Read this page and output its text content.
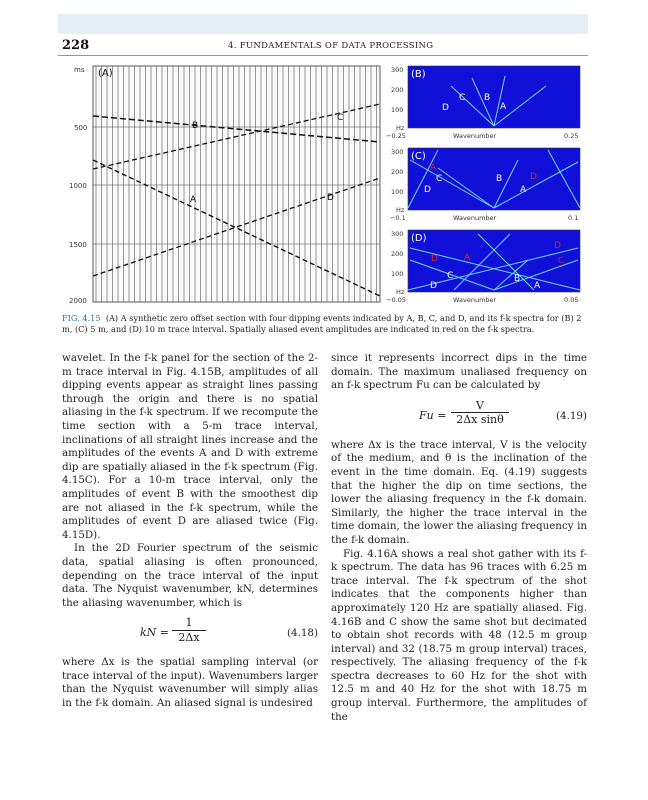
228	4. FUNDAMENTALS OF DATA PROCESSING
(A)
ms
500
1000
1500
2000
A
B
C
D
(B)
D
C B
A
300
200
100
Hz
−0.25	Wavenumber	0.25
(C)
A
C
D
B
A
D
300
200
100
Hz
−0.1	Wavenumber	0.1
(D)
D
D	A	C
C	B
D	A
300
200
100
Hz
−0.05	Wavenumber	0.05
FIG. 4.15 (A) A synthetic zero offset section with four dipping events indicated by A, B, C, and D, and its f-k spectra for (B) 2 m, (C) 5 m, and (D) 10 m trace interval. Spatially aliased event amplitudes are indicated in red on the f-k spectra.

wavelet. In the f-k panel for the section of the 2-m trace interval in Fig. 4.15B, amplitudes of all dipping events appear as straight lines passing through the origin and there is no spatial aliasing in the f-k spectrum. If we recompute the time section with a 5-m trace interval, inclinations of all straight lines increase and the amplitudes of the events A and D with extreme dip are spatially aliased in the f-k spectrum (Fig. 4.15C). For a 10-m trace interval, only the amplitudes of event B with the smoothest dip are not aliased in the f-k spectrum, while the amplitudes of event D are aliased twice (Fig. 4.15D).

In the 2D Fourier spectrum of the seismic data, spatial aliasing is often pronounced, depending on the trace interval of the input data. The Nyquist wavenumber, kN, determines the aliasing wavenumber, which is

kN = $\frac{1}{2\Delta x}$	(4.18)

where Δx is the spatial sampling interval (or trace interval of the input). Wavenumbers larger than the Nyquist wavenumber will simply alias in the f-k domain. An aliased signal is undesired

since it represents incorrect dips in the time domain. The maximum unaliased frequency on an f-k spectrum Fu can be calculated by

$Fu = \frac{V}{\text{2Δx sinθ}}$	(4.19)

where Δx is the trace interval, V is the velocity of the medium, and θ is the inclination of the event in the time domain. Eq. (4.19) suggests that the higher the dip on time sections, the lower the aliasing frequency in the f-k domain. Similarly, the higher the trace interval in the time domain, the lower the aliasing frequency in the f-k domain.

Fig. 4.16A shows a real shot gather with its f-k spectrum. The data has 96 traces with 6.25 m trace interval. The f-k spectrum of the shot indicates that the components higher than approximately 120 Hz are spatially aliased. Fig. 4.16B and C show the same shot but decimated to obtain shot records with 48 (12.5 m group interval) and 32 (18.75 m group interval) traces, respectively. The aliasing frequency of the f-k spectra decreases to 60 Hz for the shot with 12.5 m and 40 Hz for the shot with 18.75 m group interval. Furthermore, the amplitudes of the
